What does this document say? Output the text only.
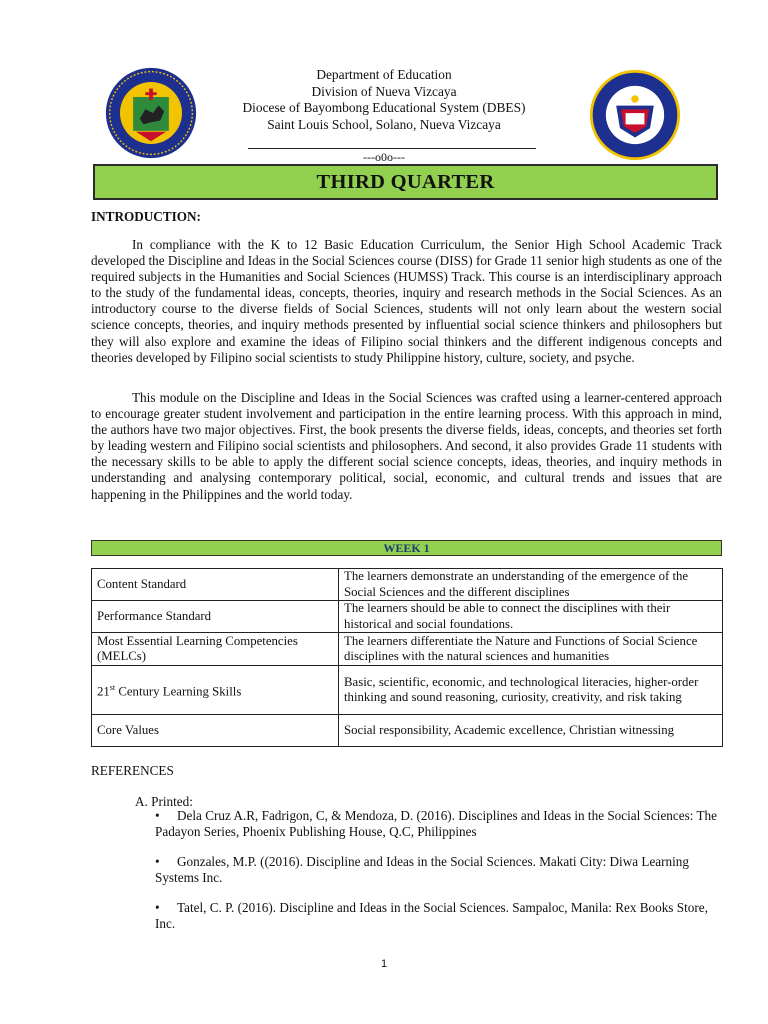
Department of Education
Division of Nueva Vizcaya
Diocese of Bayombong Educational System (DBES)
Saint Louis School, Solano, Nueva Vizcaya
---o0o---
THIRD QUARTER
INTRODUCTION:

In compliance with the K to 12 Basic Education Curriculum, the Senior High School Academic Track developed the Discipline and Ideas in the Social Sciences course (DISS) for Grade 11 senior high students as one of the required subjects in the Humanities and Social Sciences (HUMSS) Track. This course is an interdisciplinary approach to the study of the fundamental ideas, concepts, theories, inquiry and research methods in the Social Sciences. As an introductory course to the diverse fields of Social Sciences, students will not only learn about the western social science concepts, theories, and inquiry methods presented by influential social science thinkers and philosophers but they will also explore and examine the ideas of Filipino social thinkers and the different indigenous concepts and theories developed by Filipino social scientists to study Philippine history, culture, society, and psyche.

This module on the Discipline and Ideas in the Social Sciences was crafted using a learner-centered approach to encourage greater student involvement and participation in the entire learning process. With this approach in mind, the authors have two major objectives. First, the book presents the diverse fields, ideas, concepts, and theories set forth by leading western and Filipino social scientists and philosophers. And second, it also provides Grade 11 students with the necessary skills to be able to apply the different social science concepts, ideas, theories, and inquiry methods in understanding and analysing contemporary political, social, economic, and cultural trends and issues that are happening in the Philippines and the world today.

WEEK 1
Content Standard	The learners demonstrate an understanding of the emergence of the Social Sciences and the different disciplines
Performance Standard	The learners should be able to connect the disciplines with their historical and social foundations.
Most Essential Learning Competencies (MELCs)	The learners differentiate the Nature and Functions of Social Science disciplines with the natural sciences and humanities
21st Century Learning Skills	Basic, scientific, economic, and technological literacies, higher-order thinking and sound reasoning, curiosity, creativity, and risk taking
Core Values	Social responsibility, Academic excellence, Christian witnessing
REFERENCES
A. Printed:

• Dela Cruz A.R, Fadrigon, C, & Mendoza, D. (2016). Disciplines and Ideas in the Social Sciences: The Padayon Series, Phoenix Publishing House, Q.C, Philippines

• Gonzales, M.P. ((2016). Discipline and Ideas in the Social Sciences. Makati City: Diwa Learning Systems Inc.

• Tatel, C. P. (2016). Discipline and Ideas in the Social Sciences. Sampaloc, Manila: Rex Books Store, Inc.

1
